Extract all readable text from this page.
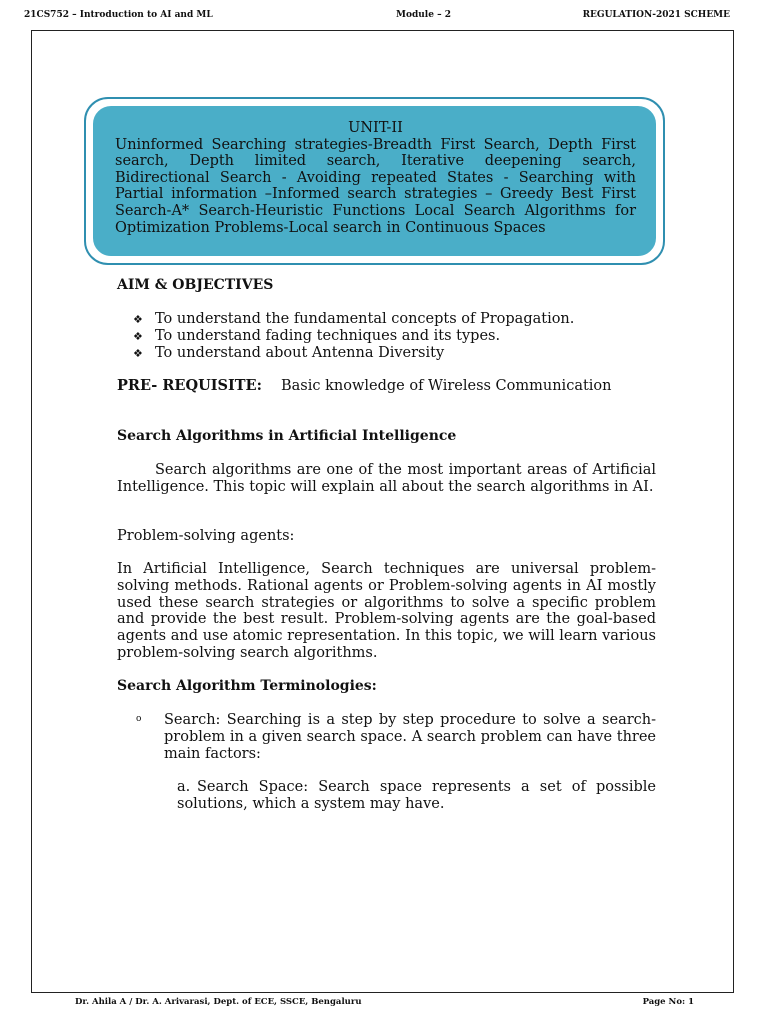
21CS752 – Introduction to AI and ML	Module – 2	REGULATION-2021 SCHEME
UNIT-II
Uninformed Searching strategies-Breadth First Search, Depth First search, Depth limited search, Iterative deepening search, Bidirectional Search - Avoiding repeated States - Searching with Partial information –Informed search strategies – Greedy Best First Search-A* Search-Heuristic Functions Local Search Algorithms for Optimization Problems-Local search in Continuous Spaces
AIM & OBJECTIVES
❖ To understand the fundamental concepts of Propagation.
❖ To understand fading techniques and its types.
❖ To understand about Antenna Diversity
PRE- REQUISITE: Basic knowledge of Wireless Communication
Search Algorithms in Artificial Intelligence
Search algorithms are one of the most important areas of Artificial Intelligence. This topic will explain all about the search algorithms in AI.
Problem-solving agents:
In Artificial Intelligence, Search techniques are universal problem-solving methods. Rational agents or Problem-solving agents in AI mostly used these search strategies or algorithms to solve a specific problem and provide the best result. Problem-solving agents are the goal-based agents and use atomic representation. In this topic, we will learn various problem-solving search algorithms.
Search Algorithm Terminologies:
o Search: Searching is a step by step procedure to solve a search-problem in a given search space. A search problem can have three main factors:
a. Search Space: Search space represents a set of possible solutions, which a system may have.
Dr. Ahila A / Dr. A. Arivarasi, Dept. of ECE, SSCE, Bengaluru	Page No: 1
